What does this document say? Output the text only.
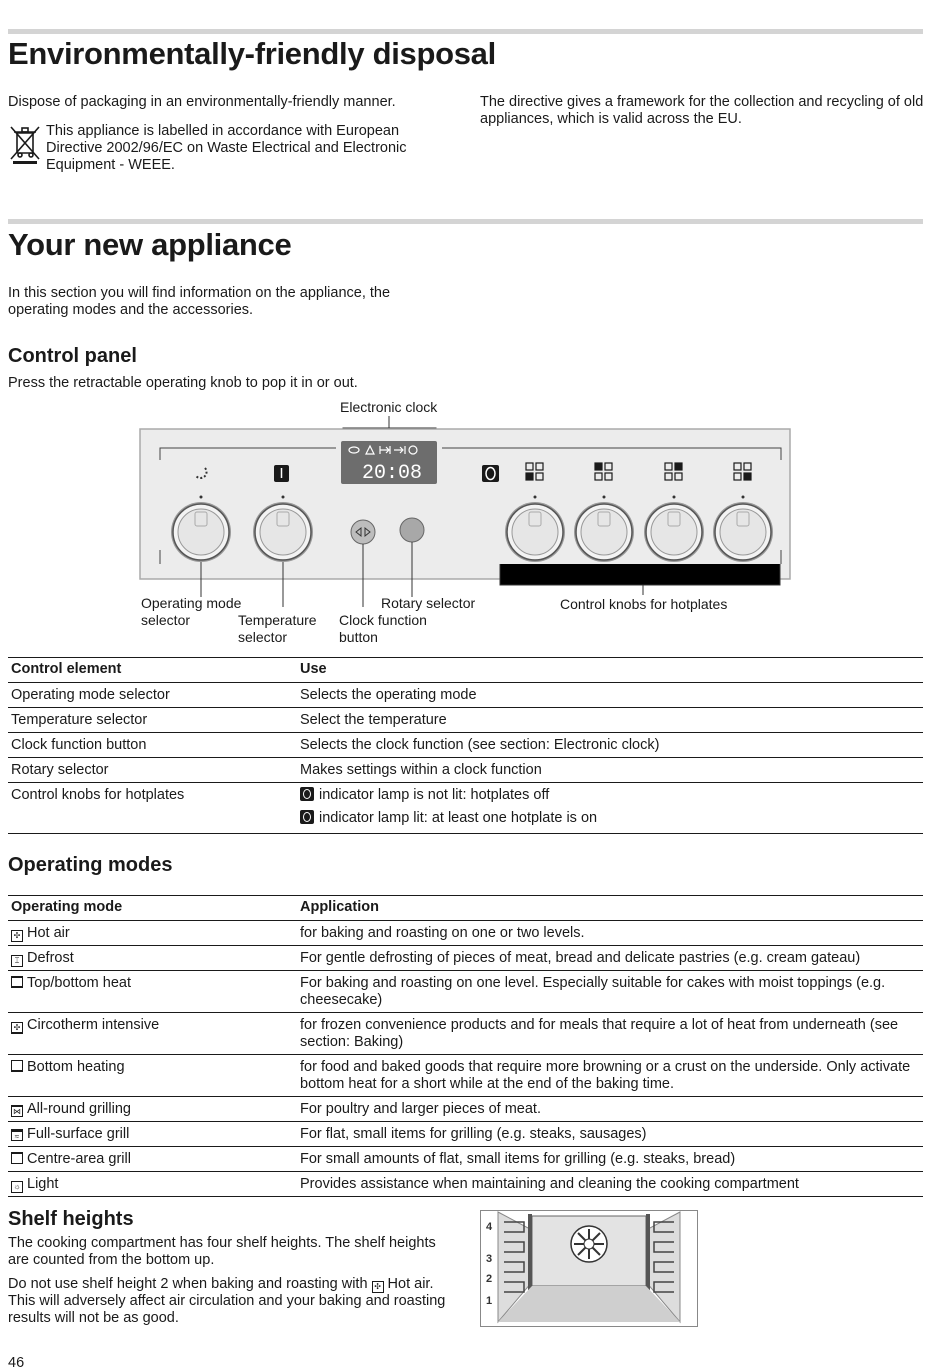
Environmentally-friendly disposal
Dispose of packaging in an environmentally-friendly manner.
This appliance is labelled in accordance with European Directive 2002/96/EC on Waste Electrical and Electronic Equipment - WEEE.
The directive gives a framework for the collection and recycling of old appliances, which is valid across the EU.
Your new appliance
In this section you will find information on the appliance, the operating modes and the accessories.
Control panel
Press the retractable operating knob to pop it in or out.
Electronic clock
20:08
Operating mode
selector	Temperature
selector
Rotary selector
Clock function
button
Control knobs for hotplates
Control element	Use
Operating mode selector	Selects the operating mode
Temperature selector	Select the temperature
Clock function button	Selects the clock function (see section: Electronic clock)
Rotary selector	Makes settings within a clock function
Control knobs for hotplates	indicator lamp is not lit: hotplates off
indicator lamp lit: at least one hotplate is on
Operating modes
Operating mode	Application
✣ Hot air	for baking and roasting on one or two levels.
⌶ Defrost	For gentle defrosting of pieces of meat, bread and delicate pastries (e.g. cream gateau)
Top/bottom heat	For baking and roasting on one level. Especially suitable for cakes with moist toppings (e.g. cheesecake)
✣ Circotherm intensive	for frozen convenience products and for meals that require a lot of heat from underneath (see section: Baking)
Bottom heating	for food and baked goods that require more browning or a crust on the underside. Only activate bottom heat for a short while at the end of the baking time.
⋈ All-round grilling	For poultry and larger pieces of meat.
≈ Full-surface grill	For flat, small items for grilling (e.g. steaks, sausages)
Centre-area grill	For small amounts of flat, small items for grilling (e.g. steaks, bread)
☼ Light	Provides assistance when maintaining and cleaning the cooking compartment
Shelf heights
The cooking compartment has four shelf heights. The shelf heights are counted from the bottom up.
Do not use shelf height 2 when baking and roasting with ✣ Hot air. This will adversely affect air circulation and your baking and roasting results will not be as good.
4
3
2
1
46
